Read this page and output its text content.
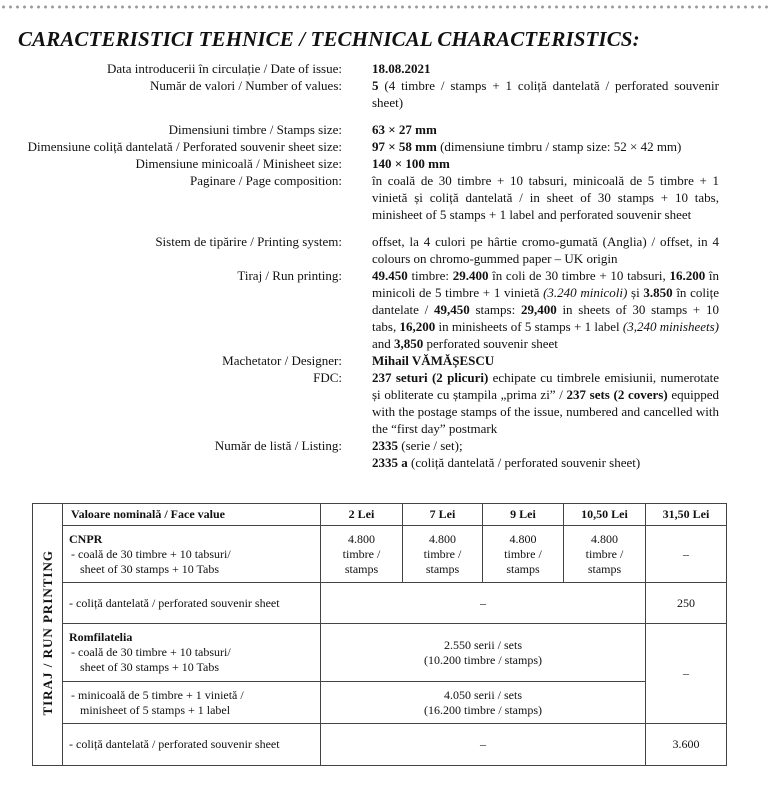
CARACTERISTICI TEHNICE / TECHNICAL CHARACTERISTICS:
Data introducerii în circulație / Date of issue:	18.08.2021
Număr de valori / Number of values:	5 (4 timbre / stamps + 1 coliță dantelată / perforated souvenir sheet)
Dimensiuni timbre / Stamps size:	63 × 27 mm
Dimensiune coliță dantelată / Perforated souvenir sheet size:	97 × 58 mm (dimensiune timbru / stamp size: 52 × 42 mm)
Dimensiune minicoală / Minisheet size:	140 × 100 mm
Paginare / Page composition:	în coală de 30 timbre + 10 tabsuri, minicoală de 5 timbre + 1 vinietă și coliță dantelată / in sheet of 30 stamps + 10 tabs, minisheet of 5 stamps + 1 label and perforated souvenir sheet
Sistem de tipărire / Printing system:	offset, la 4 culori pe hârtie cromo-gumată (Anglia) / offset, in 4 colours on chromo-gummed paper – UK origin
Tiraj / Run printing:	49.450 timbre: 29.400 în coli de 30 timbre + 10 tabsuri, 16.200 în minicoli de 5 timbre + 1 vinietă (3.240 minicoli) și 3.850 în colițe dantelate / 49,450 stamps: 29,400 in sheets of 30 stamps + 10 tabs, 16,200 in minisheets of 5 stamps + 1 label (3,240 minisheets) and 3,850 perforated souvenir sheet
Machetator / Designer:	Mihail VĂMĂȘESCU
FDC:	237 seturi (2 plicuri) echipate cu timbrele emisiunii, numerotate și obliterate cu ștampila „prima zi” / 237 sets (2 covers) equipped with the postage stamps of the issue, numbered and cancelled with the “first day” postmark
Număr de listă / Listing:	2335 (serie / set);
2335 a (coliță dantelată / perforated souvenir sheet)
TIRAJ / RUN PRINTING	Valoare nominală / Face value	2 Lei	7 Lei	9 Lei	10,50 Lei	31,50 Lei
	CNPR
- coală de 30 timbre + 10 tabsuri/
sheet of 30 stamps + 10 Tabs	4.800
timbre /
stamps	4.800
timbre /
stamps	4.800
timbre /
stamps	4.800
timbre /
stamps	–
	- coliță dantelată / perforated souvenir sheet	–				250
	Romfilatelia
- coală de 30 timbre + 10 tabsuri/
sheet of 30 stamps + 10 Tabs	2.550 serii / sets
(10.200 timbre / stamps)				–
	- minicoală de 5 timbre + 1 vinietă /
minisheet of 5 stamps + 1 label	4.050 serii / sets
(16.200 timbre / stamps)				
	- coliță dantelată / perforated souvenir sheet	–				3.600
